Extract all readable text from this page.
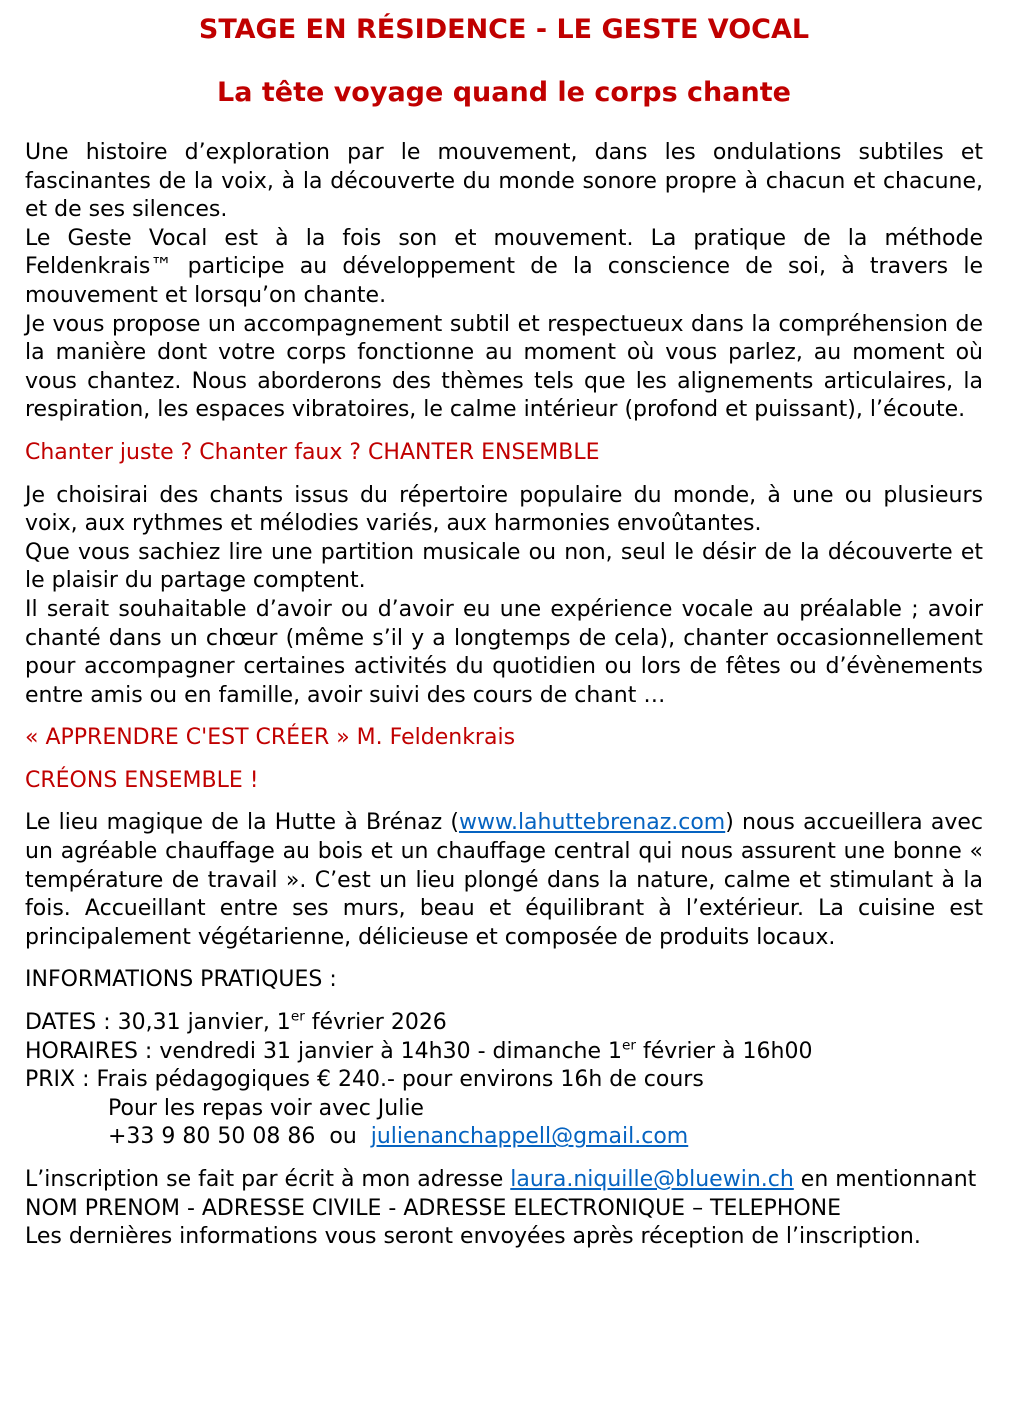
STAGE EN RÉSIDENCE - LE GESTE VOCAL
La tête voyage quand le corps chante

Une histoire d’exploration par le mouvement, dans les ondulations subtiles et fascinantes de la voix, à la découverte du monde sonore propre à chacun et chacune, et de ses silences.

Le Geste Vocal est à la fois son et mouvement. La pratique de la méthode Feldenkrais™ participe au développement de la conscience de soi, à travers le mouvement et lorsqu’on chante.

Je vous propose un accompagnement subtil et respectueux dans la compréhension de la manière dont votre corps fonctionne au moment où vous parlez, au moment où vous chantez. Nous aborderons des thèmes tels que les alignements articulaires, la respiration, les espaces vibratoires, le calme intérieur (profond et puissant), l’écoute.

Chanter juste ? Chanter faux ? CHANTER ENSEMBLE

Je choisirai des chants issus du répertoire populaire du monde, à une ou plusieurs voix, aux rythmes et mélodies variés, aux harmonies envoûtantes.

Que vous sachiez lire une partition musicale ou non, seul le désir de la découverte et le plaisir du partage comptent.

Il serait souhaitable d’avoir ou d’avoir eu une expérience vocale au préalable ; avoir chanté dans un chœur (même s’il y a longtemps de cela), chanter occasionnellement pour accompagner certaines activités du quotidien ou lors de fêtes ou d’évènements entre amis ou en famille, avoir suivi des cours de chant …

« APPRENDRE C'EST CRÉER » M. Feldenkrais

CRÉONS ENSEMBLE !

Le lieu magique de la Hutte à Brénaz (www.lahuttebrenaz.com) nous accueillera avec un agréable chauffage au bois et un chauffage central qui nous assurent une bonne « température de travail ». C’est un lieu plongé dans la nature, calme et stimulant à la fois. Accueillant entre ses murs, beau et équilibrant à l’extérieur. La cuisine est principalement végétarienne, délicieuse et composée de produits locaux.

INFORMATIONS PRATIQUES :

DATES : 30,31 janvier, 1er février 2026

HORAIRES : vendredi 31 janvier à 14h30 - dimanche 1er février à 16h00

PRIX : Frais pédagogiques € 240.- pour environs 16h de cours

Pour les repas voir avec Julie

+33 9 80 50 08 86  ou  julienanchappell@gmail.com

L’inscription se fait par écrit à mon adresse laura.niquille@bluewin.ch en mentionnant NOM PRENOM - ADRESSE CIVILE - ADRESSE ELECTRONIQUE – TELEPHONE

Les dernières informations vous seront envoyées après réception de l’inscription.
